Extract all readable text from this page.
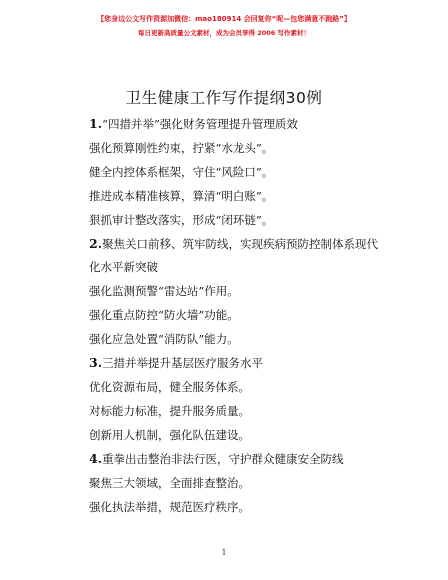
【您身边公文写作资源加微信：mao180914 会回复你“呢—包您满意不跑路”】
每日更新高质量公文素材，成为会员享得 2006 写作素材！
卫生健康工作写作提纲30例
1.“四措并举”强化财务管理提升管理质效
强化预算刚性约束，拧紧“水龙头”。
健全内控体系框架，守住“风险口”。
推进成本精准核算，算清“明白账”。
狠抓审计整改落实，形成“闭环链”。
2.聚焦关口前移、筑牢防线，实现疾病预防控制体系现代化水平新突破
强化监测预警“雷达站”作用。
强化重点防控“防火墙”功能。
强化应急处置“消防队”能力。
3.三措并举提升基层医疗服务水平
优化资源布局，健全服务体系。
对标能力标准，提升服务质量。
创新用人机制，强化队伍建设。
4.重拳出击整治非法行医，守护群众健康安全防线
聚焦三大领域，全面排查整治。
强化执法举措，规范医疗秩序。
1
